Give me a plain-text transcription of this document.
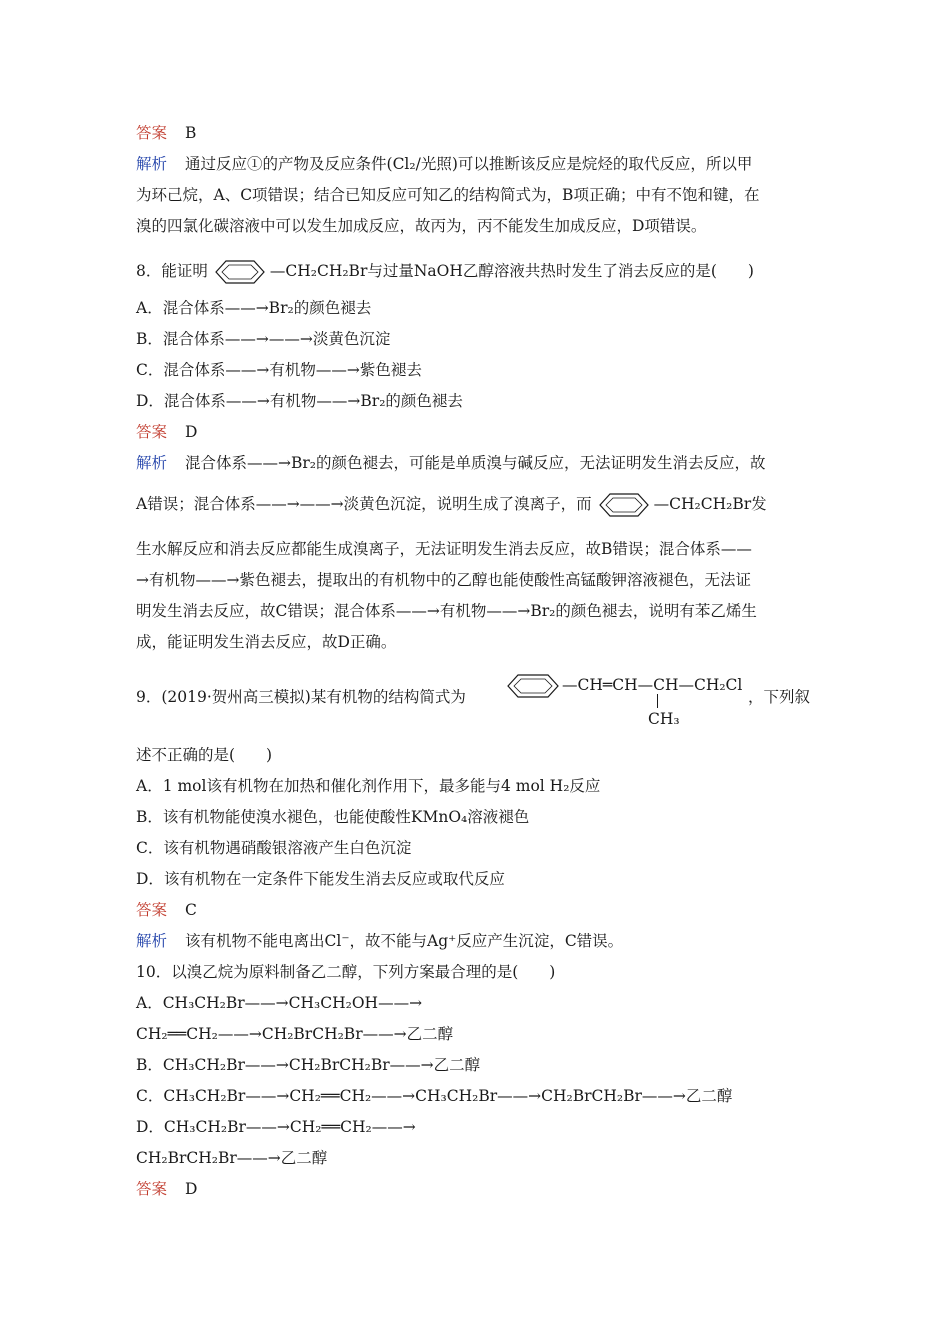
答案 B
解析 通过反应①的产物及反应条件(Cl₂/光照)可以推断该反应是烷烃的取代反应，所以甲
为环己烷，A、C项错误；结合已知反应可知乙的结构简式为，B项正确；中有不饱和键，在
溴的四氯化碳溶液中可以发生加成反应，故丙为，丙不能发生加成反应，D项错误。
8．能证明	—CH₂CH₂Br与过量NaOH乙醇溶液共热时发生了消去反应的是(　　)
A．混合体系——→Br₂的颜色褪去
B．混合体系——→——→淡黄色沉淀
C．混合体系——→有机物——→紫色褪去
D．混合体系——→有机物——→Br₂的颜色褪去
答案 D
解析 混合体系——→Br₂的颜色褪去，可能是单质溴与碱反应，无法证明发生消去反应，故
A错误；混合体系——→——→淡黄色沉淀，说明生成了溴离子，而	—CH₂CH₂Br发
生水解反应和消去反应都能生成溴离子，无法证明发生消去反应，故B错误；混合体系——
→有机物——→紫色褪去，提取出的有机物中的乙醇也能使酸性高锰酸钾溶液褪色，无法证
明发生消去反应，故C错误；混合体系——→有机物——→Br₂的颜色褪去，说明有苯乙烯生
成，能证明发生消去反应，故D正确。
9．(2019·贺州高三模拟)某有机物的结构简式为
—CH═CH—CH—CH₂Cl
CH₃
，下列叙
述不正确的是(　　)
A．1 mol该有机物在加热和催化剂作用下，最多能与4 mol H₂反应
B．该有机物能使溴水褪色，也能使酸性KMnO₄溶液褪色
C．该有机物遇硝酸银溶液产生白色沉淀
D．该有机物在一定条件下能发生消去反应或取代反应
答案 C
解析 该有机物不能电离出Cl⁻，故不能与Ag⁺反应产生沉淀，C错误。
10．以溴乙烷为原料制备乙二醇，下列方案最合理的是(　　)
A．CH₃CH₂Br——→CH₃CH₂OH——→
CH₂══CH₂——→CH₂BrCH₂Br——→乙二醇
B．CH₃CH₂Br——→CH₂BrCH₂Br——→乙二醇
C．CH₃CH₂Br——→CH₂══CH₂——→CH₃CH₂Br——→CH₂BrCH₂Br——→乙二醇
D．CH₃CH₂Br——→CH₂══CH₂——→
CH₂BrCH₂Br——→乙二醇
答案 D
